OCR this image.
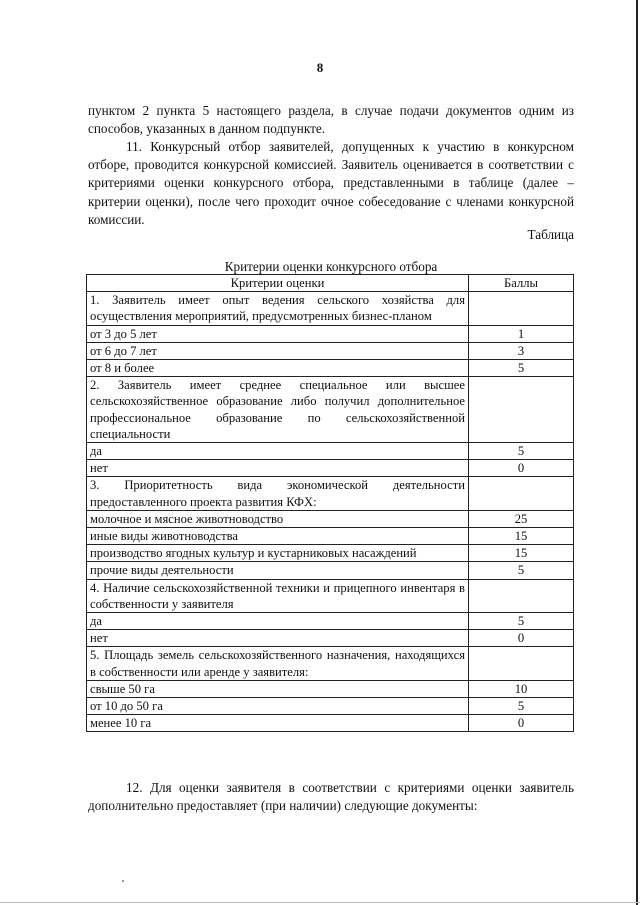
8
пунктом 2 пункта 5 настоящего раздела, в случае подачи документов одним из способов, указанных в данном подпункте.
11. Конкурсный отбор заявителей, допущенных к участию в конкурсном отборе, проводится конкурсной комиссией. Заявитель оценивается в соответствии с критериями оценки конкурсного отбора, представленными в таблице (далее – критерии оценки), после чего проходит очное собеседование с членами конкурсной комиссии.
Таблица
Критерии оценки конкурсного отбора
Критерии оценки	Баллы
1. Заявитель имеет опыт ведения сельского хозяйства для осуществления мероприятий, предусмотренных бизнес-планом	
от 3 до 5 лет	1
от 6 до 7 лет	3
от 8 и более	5
2. Заявитель имеет среднее специальное или высшее сельскохозяйственное образование либо получил дополнительное профессиональное образование по сельскохозяйственной специальности	
да	5
нет	0
3. Приоритетность вида экономической деятельности предоставленного проекта развития КФХ:	
молочное и мясное животноводство	25
иные виды животноводства	15
производство ягодных культур и кустарниковых насаждений	15
прочие виды деятельности	5
4. Наличие сельскохозяйственной техники и прицепного инвентаря в собственности у заявителя	
да	5
нет	0
5. Площадь земель сельскохозяйственного назначения, находящихся в собственности или аренде у заявителя:	
свыше 50 га	10
от 10 до 50 га	5
менее 10 га	0
12. Для оценки заявителя в соответствии с критериями оценки заявитель дополнительно предоставляет (при наличии) следующие документы:
